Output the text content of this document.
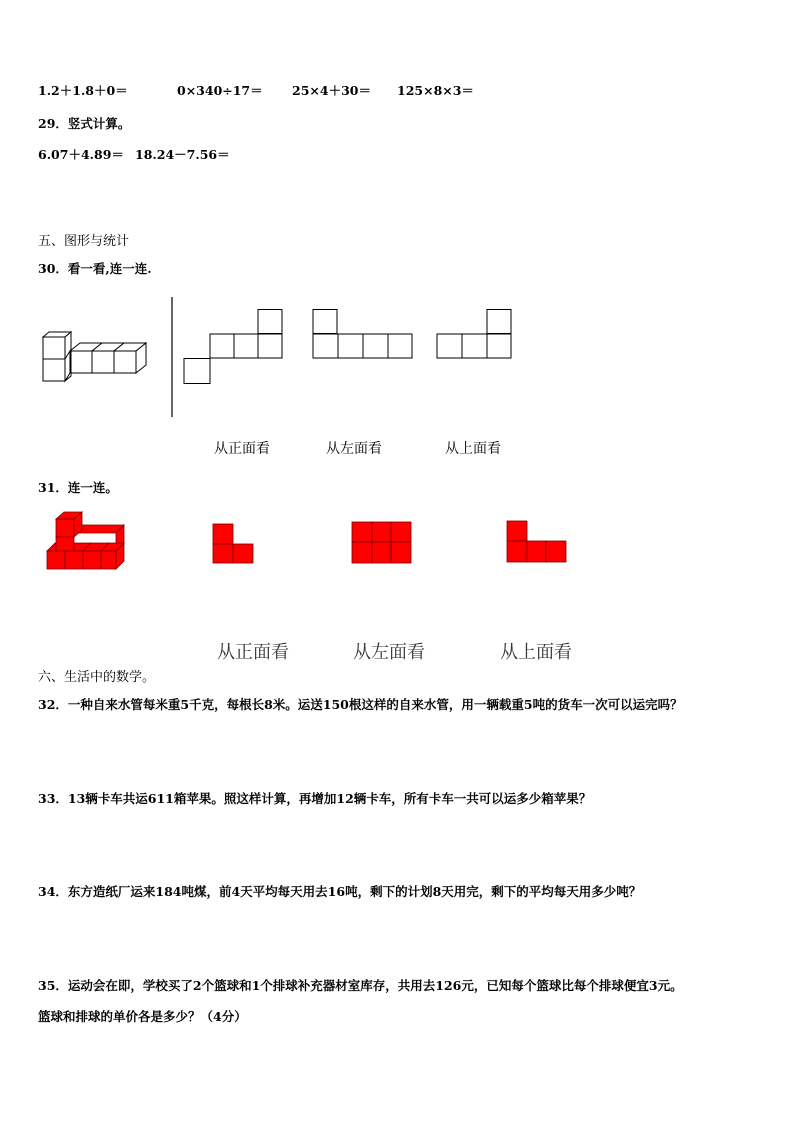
1.2＋1.8＋0＝	0×340÷17＝ 25×4＋30＝ 125×8×3＝
29．竖式计算。
6.07＋4.89＝ 18.24－7.56＝
五、图形与统计
30．看一看,连一连.
从正面看	从左面看	从上面看
31．连一连。
从正面看	从左面看	从上面看
六、生活中的数学。
32．一种自来水管每米重5千克，每根长8米。运送150根这样的自来水管，用一辆载重5吨的货车一次可以运完吗？
33．13辆卡车共运611箱苹果。照这样计算，再增加12辆卡车，所有卡车一共可以运多少箱苹果？
34．东方造纸厂运来184吨煤，前4天平均每天用去16吨，剩下的计划8天用完，剩下的平均每天用多少吨？
35．运动会在即，学校买了2个篮球和1个排球补充器材室库存，共用去126元，已知每个篮球比每个排球便宜3元。
篮球和排球的单价各是多少？（4分）
